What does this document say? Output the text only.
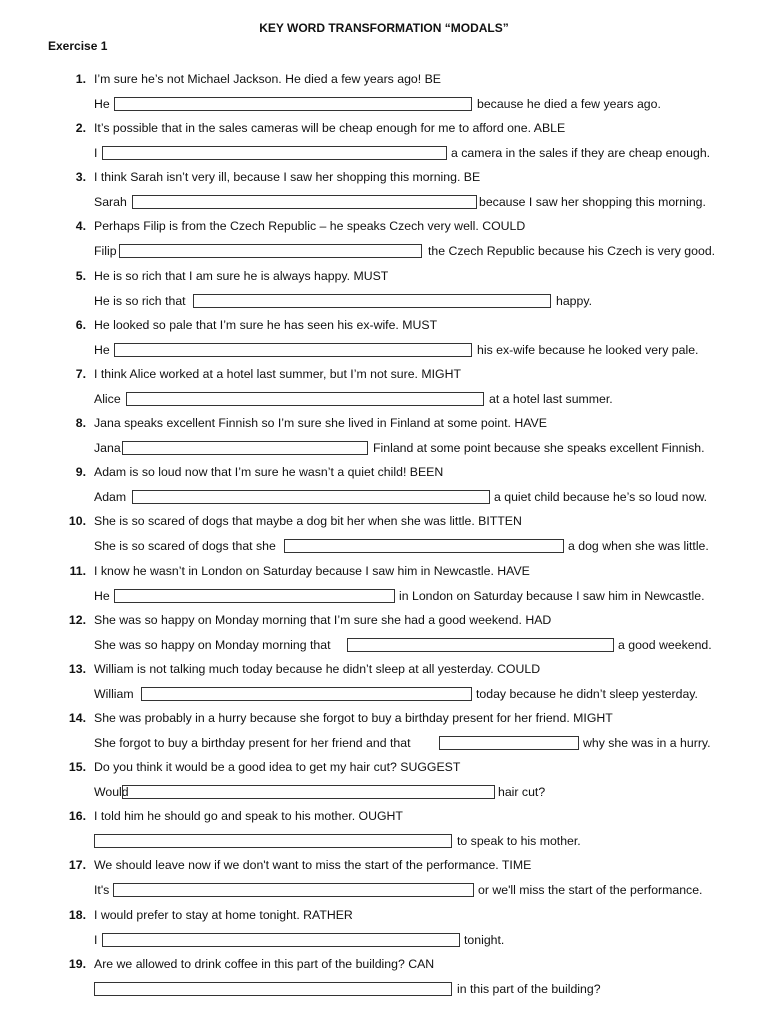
KEY WORD TRANSFORMATION “MODALS”
Exercise 1
1. I’m sure he’s not Michael Jackson. He died a few years ago! BE
He	because he died a few years ago.
2. It’s possible that in the sales cameras will be cheap enough for me to afford one. ABLE
I	a camera in the sales if they are cheap enough.
3. I think Sarah isn’t very ill, because I saw her shopping this morning. BE
Sarah	because I saw her shopping this morning.
4. Perhaps Filip is from the Czech Republic – he speaks Czech very well. COULD
Filip	the Czech Republic because his Czech is very good.
5. He is so rich that I am sure he is always happy. MUST
He is so rich that	happy.
6. He looked so pale that I’m sure he has seen his ex-wife. MUST
He	his ex-wife because he looked very pale.
7. I think Alice worked at a hotel last summer, but I’m not sure. MIGHT
Alice	at a hotel last summer.
8. Jana speaks excellent Finnish so I’m sure she lived in Finland at some point. HAVE
Jana	Finland at some point because she speaks excellent Finnish.
9. Adam is so loud now that I’m sure he wasn’t a quiet child! BEEN
Adam	a quiet child because he’s so loud now.
10. She is so scared of dogs that maybe a dog bit her when she was little. BITTEN
She is so scared of dogs that she	a dog when she was little.
11. I know he wasn’t in London on Saturday because I saw him in Newcastle. HAVE
He	in London on Saturday because I saw him in Newcastle.
12. She was so happy on Monday morning that I’m sure she had a good weekend. HAD
She was so happy on Monday morning that	a good weekend.
13. William is not talking much today because he didn’t sleep at all yesterday. COULD
William	today because he didn’t sleep yesterday.
14. She was probably in a hurry because she forgot to buy a birthday present for her friend. MIGHT
She forgot to buy a birthday present for her friend and that	why she was in a hurry.
15. Do you think it would be a good idea to get my hair cut? SUGGEST
Would	hair cut?
16. I told him he should go and speak to his mother. OUGHT
to speak to his mother.
17. We should leave now if we don't want to miss the start of the performance. TIME
It's	or we'll miss the start of the performance.
18. I would prefer to stay at home tonight. RATHER
I	tonight.
19. Are we allowed to drink coffee in this part of the building? CAN
in this part of the building?
